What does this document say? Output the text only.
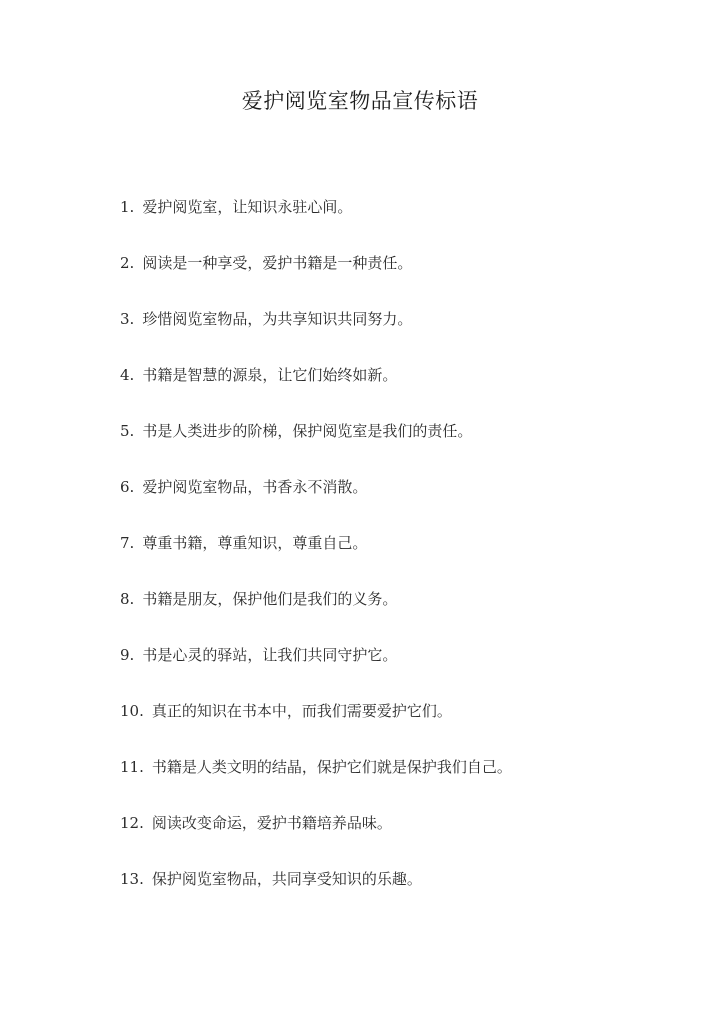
爱护阅览室物品宣传标语
1. 爱护阅览室，让知识永驻心间。
2. 阅读是一种享受，爱护书籍是一种责任。
3. 珍惜阅览室物品，为共享知识共同努力。
4. 书籍是智慧的源泉，让它们始终如新。
5. 书是人类进步的阶梯，保护阅览室是我们的责任。
6. 爱护阅览室物品，书香永不消散。
7. 尊重书籍，尊重知识，尊重自己。
8. 书籍是朋友，保护他们是我们的义务。
9. 书是心灵的驿站，让我们共同守护它。
10. 真正的知识在书本中，而我们需要爱护它们。
11. 书籍是人类文明的结晶，保护它们就是保护我们自己。
12. 阅读改变命运，爱护书籍培养品味。
13. 保护阅览室物品，共同享受知识的乐趣。
